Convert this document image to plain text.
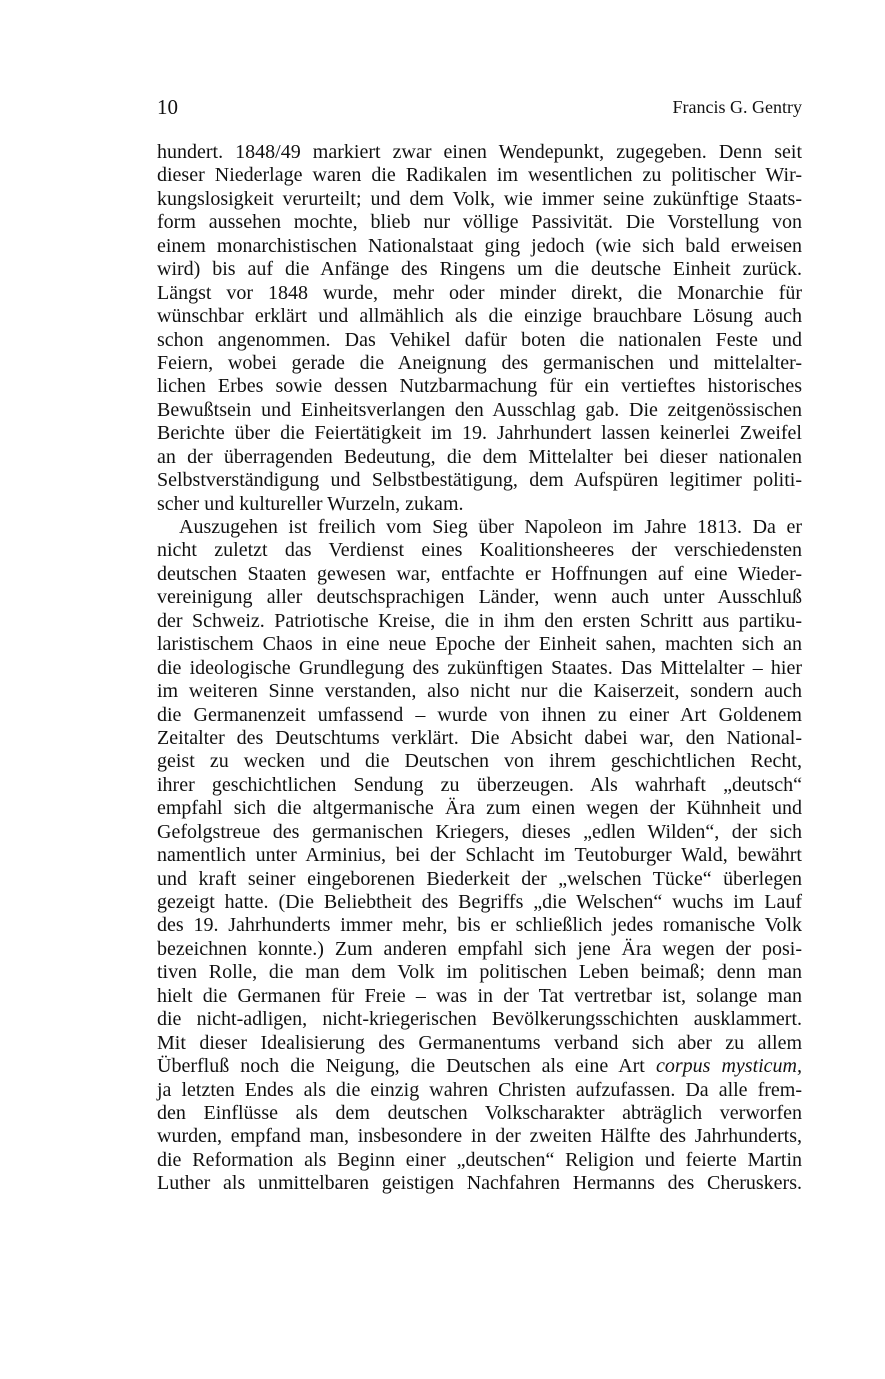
10	Francis G. Gentry
hundert. 1848/49 markiert zwar einen Wendepunkt, zugegeben. Denn seit
dieser Niederlage waren die Radikalen im wesentlichen zu politischer Wir-
kungslosigkeit verurteilt; und dem Volk, wie immer seine zukünftige Staats-
form aussehen mochte, blieb nur völlige Passivität. Die Vorstellung von
einem monarchistischen Nationalstaat ging jedoch (wie sich bald erweisen
wird) bis auf die Anfänge des Ringens um die deutsche Einheit zurück.
Längst vor 1848 wurde, mehr oder minder direkt, die Monarchie für
wünschbar erklärt und allmählich als die einzige brauchbare Lösung auch
schon angenommen. Das Vehikel dafür boten die nationalen Feste und
Feiern, wobei gerade die Aneignung des germanischen und mittelalter-
lichen Erbes sowie dessen Nutzbarmachung für ein vertieftes historisches
Bewußtsein und Einheitsverlangen den Ausschlag gab. Die zeitgenössischen
Berichte über die Feiertätigkeit im 19. Jahrhundert lassen keinerlei Zweifel
an der überragenden Bedeutung, die dem Mittelalter bei dieser nationalen
Selbstverständigung und Selbstbestätigung, dem Aufspüren legitimer politi-
scher und kultureller Wurzeln, zukam.
Auszugehen ist freilich vom Sieg über Napoleon im Jahre 1813. Da er
nicht zuletzt das Verdienst eines Koalitionsheeres der verschiedensten
deutschen Staaten gewesen war, entfachte er Hoffnungen auf eine Wieder-
vereinigung aller deutschsprachigen Länder, wenn auch unter Ausschluß
der Schweiz. Patriotische Kreise, die in ihm den ersten Schritt aus partiku-
laristischem Chaos in eine neue Epoche der Einheit sahen, machten sich an
die ideologische Grundlegung des zukünftigen Staates. Das Mittelalter – hier
im weiteren Sinne verstanden, also nicht nur die Kaiserzeit, sondern auch
die Germanenzeit umfassend – wurde von ihnen zu einer Art Goldenem
Zeitalter des Deutschtums verklärt. Die Absicht dabei war, den National-
geist zu wecken und die Deutschen von ihrem geschichtlichen Recht,
ihrer geschichtlichen Sendung zu überzeugen. Als wahrhaft „deutsch“
empfahl sich die altgermanische Ära zum einen wegen der Kühnheit und
Gefolgstreue des germanischen Kriegers, dieses „edlen Wilden“, der sich
namentlich unter Arminius, bei der Schlacht im Teutoburger Wald, bewährt
und kraft seiner eingeborenen Biederkeit der „welschen Tücke“ überlegen
gezeigt hatte. (Die Beliebtheit des Begriffs „die Welschen“ wuchs im Lauf
des 19. Jahrhunderts immer mehr, bis er schließlich jedes romanische Volk
bezeichnen konnte.) Zum anderen empfahl sich jene Ära wegen der posi-
tiven Rolle, die man dem Volk im politischen Leben beimaß; denn man
hielt die Germanen für Freie – was in der Tat vertretbar ist, solange man
die nicht-adligen, nicht-kriegerischen Bevölkerungsschichten ausklammert.
Mit dieser Idealisierung des Germanentums verband sich aber zu allem
Überfluß noch die Neigung, die Deutschen als eine Art corpus mysticum,
ja letzten Endes als die einzig wahren Christen aufzufassen. Da alle frem-
den Einflüsse als dem deutschen Volkscharakter abträglich verworfen
wurden, empfand man, insbesondere in der zweiten Hälfte des Jahrhunderts,
die Reformation als Beginn einer „deutschen“ Religion und feierte Martin
Luther als unmittelbaren geistigen Nachfahren Hermanns des Cheruskers.
